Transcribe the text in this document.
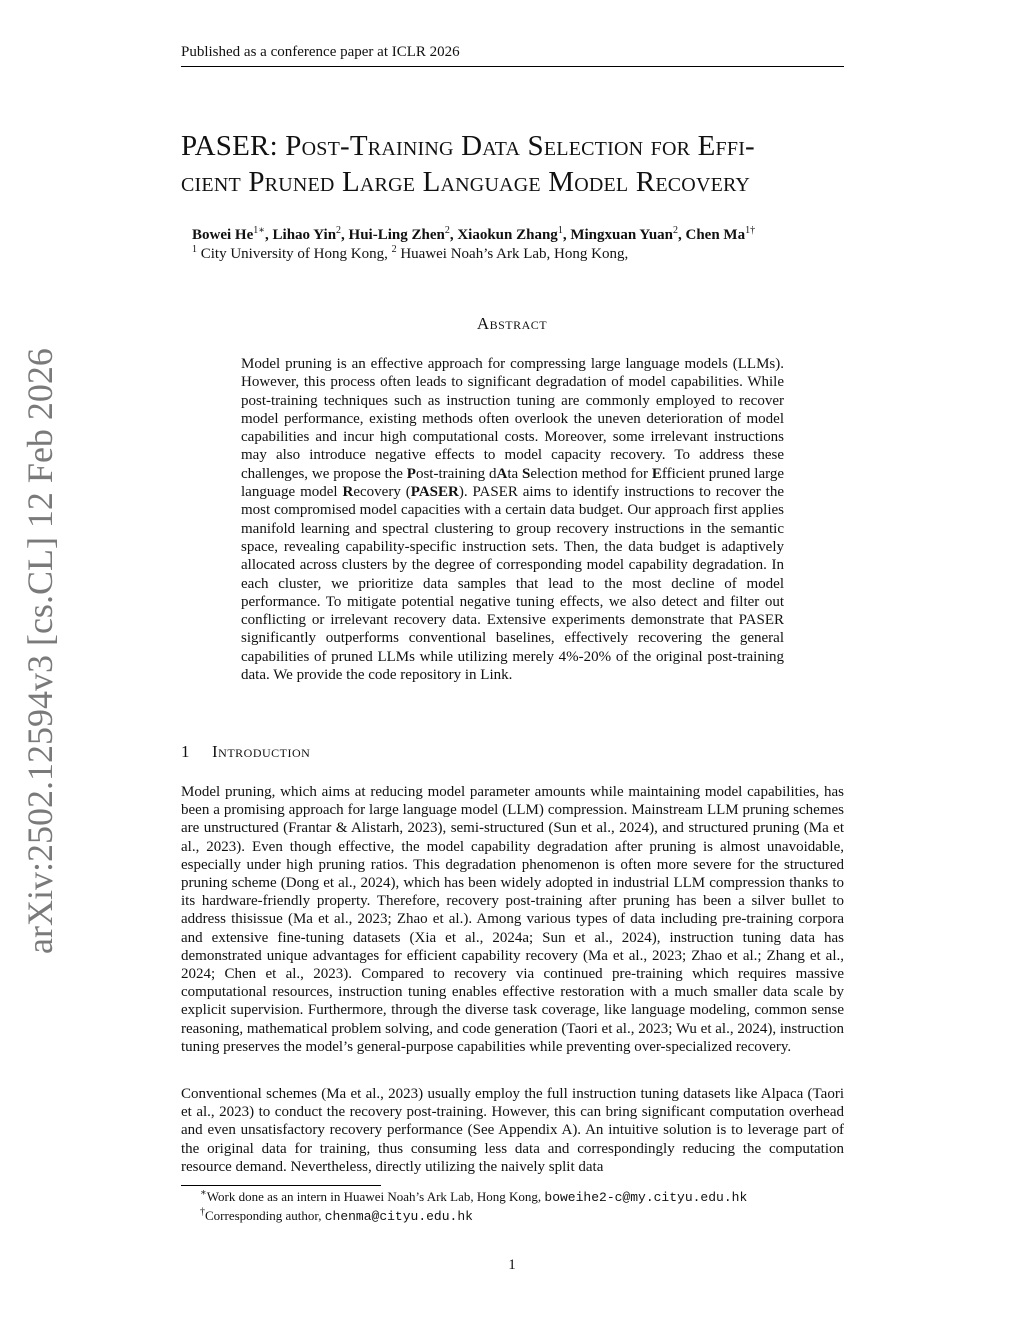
Published as a conference paper at ICLR 2026
arXiv:2502.12594v3 [cs.CL] 12 Feb 2026
PASER: Post-Training Data Selection for Effi-
cient Pruned Large Language Model Recovery
Bowei $He^{1∗}$, Lihao Yin$^2$, Hui-Ling Zhen$^2$, Xiaokun Zhang$^1$, Mingxuan Yuan$^2$, Chen $Ma^{1\dagger}$
$^1$ City University of Hong Kong, $^2$ Huawei Noah’s Ark Lab, Hong Kong,
Abstract
Model pruning is an effective approach for compressing large language models (LLMs). However, this process often leads to significant degradation of model capabilities. While post-training techniques such as instruction tuning are commonly employed to recover model performance, existing methods often overlook the uneven deterioration of model capabilities and incur high computational costs. Moreover, some irrelevant instructions may also introduce negative effects to model capacity recovery. To address these challenges, we propose the Post-training dAta Selection method for Efficient pruned large language model Recovery (PASER). PASER aims to identify instructions to recover the most compromised model capacities with a certain data budget. Our approach first applies manifold learning and spectral clustering to group recovery instructions in the semantic space, revealing capability-specific instruction sets. Then, the data budget is adaptively allocated across clusters by the degree of corresponding model capability degradation. In each cluster, we prioritize data samples that lead to the most decline of model performance. To mitigate potential negative tuning effects, we also detect and filter out conflicting or irrelevant recovery data. Extensive experiments demonstrate that PASER significantly outperforms conventional baselines, effectively recovering the general capabilities of pruned LLMs while utilizing merely 4%-20% of the original post-training data. We provide the code repository in Link.
1 Introduction
Model pruning, which aims at reducing model parameter amounts while maintaining model capabilities, has been a promising approach for large language model (LLM) compression. Mainstream LLM pruning schemes are unstructured (Frantar & Alistarh, 2023), semi-structured (Sun et al., 2024), and structured pruning (Ma et al., 2023). Even though effective, the model capability degradation after pruning is almost unavoidable, especially under high pruning ratios. This degradation phenomenon is often more severe for the structured pruning scheme (Dong et al., 2024), which has been widely adopted in industrial LLM compression thanks to its hardware-friendly property. Therefore, recovery post-training after pruning has been a silver bullet to address thisissue (Ma et al., 2023; Zhao et al.). Among various types of data including pre-training corpora and extensive fine-tuning datasets (Xia et al., 2024a; Sun et al., 2024), instruction tuning data has demonstrated unique advantages for efficient capability recovery (Ma et al., 2023; Zhao et al.; Zhang et al., 2024; Chen et al., 2023). Compared to recovery via continued pre-training which requires massive computational resources, instruction tuning enables effective restoration with a much smaller data scale by explicit supervision. Furthermore, through the diverse task coverage, like language modeling, common sense reasoning, mathematical problem solving, and code generation (Taori et al., 2023; Wu et al., 2024), instruction tuning preserves the model’s general-purpose capabilities while preventing over-specialized recovery.
Conventional schemes (Ma et al., 2023) usually employ the full instruction tuning datasets like Alpaca (Taori et al., 2023) to conduct the recovery post-training. However, this can bring significant computation overhead and even unsatisfactory recovery performance (See Appendix A). An intuitive solution is to leverage part of the original data for training, thus consuming less data and correspondingly reducing the computation resource demand. Nevertheless, directly utilizing the naively split data
∗Work done as an intern in Huawei Noah’s Ark Lab, Hong Kong, boweihe2-c@my.cityu.edu.hk
†Corresponding author, chenma@cityu.edu.hk
1
